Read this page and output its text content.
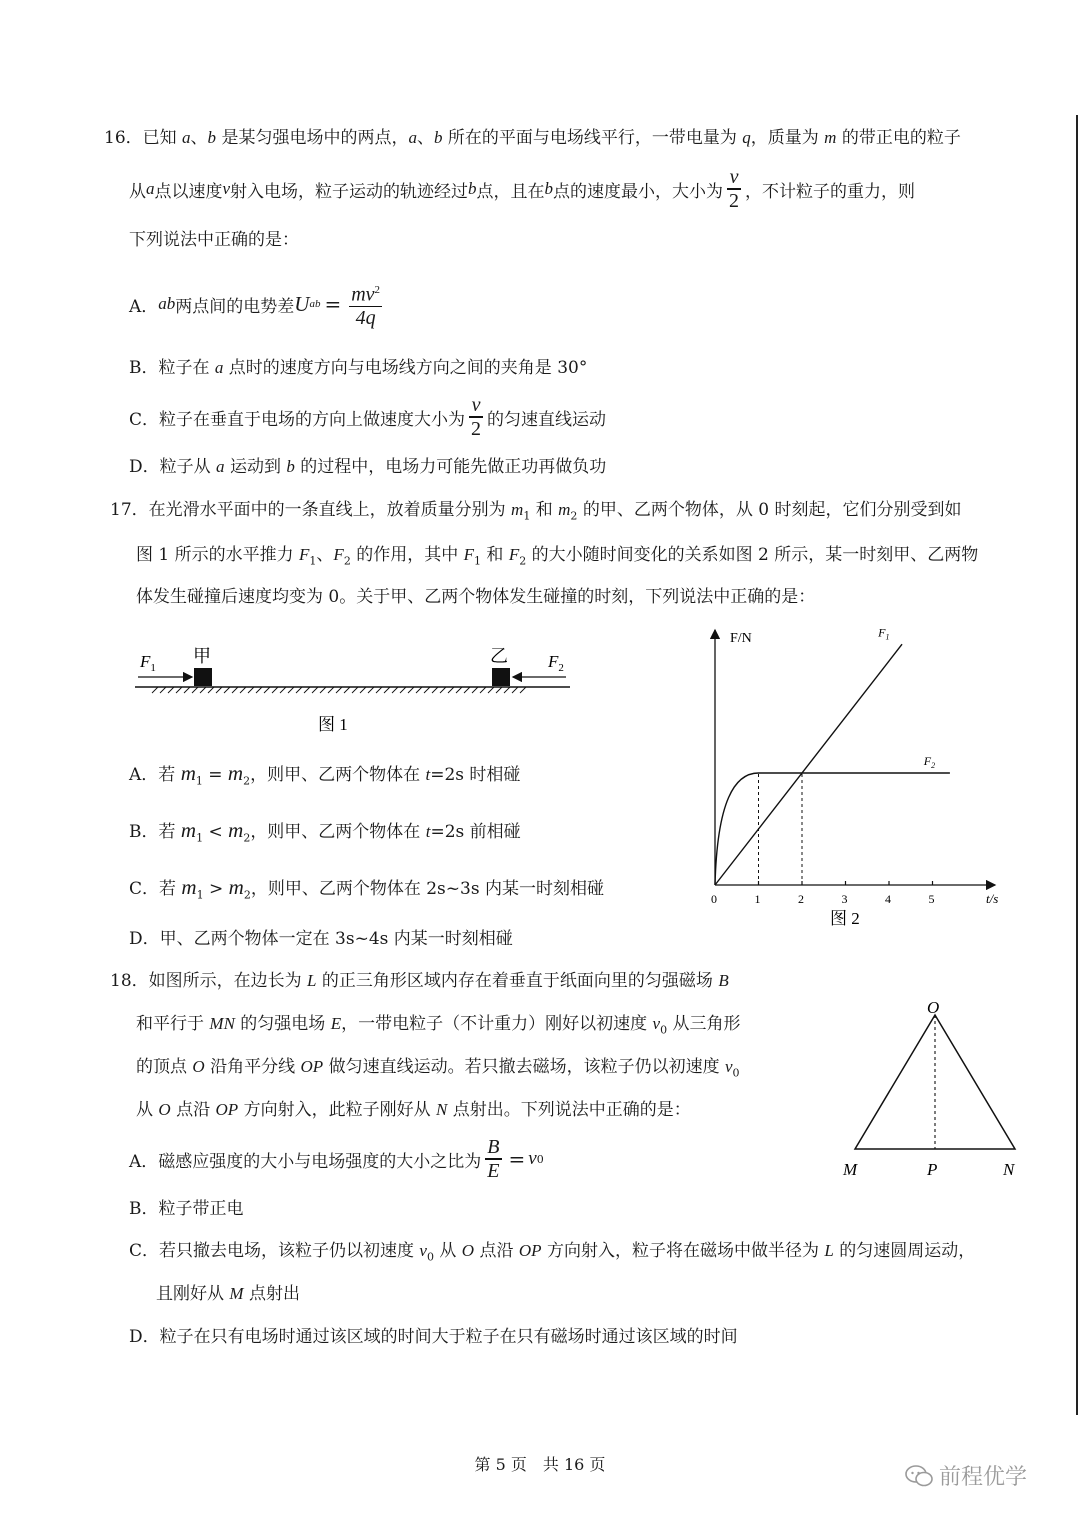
16．已知 a、b 是某匀强电场中的两点，a、b 所在的平面与电场线平行，一带电量为 q，质量为 m 的带正电的粒子
从 a 点以速度 v 射入电场，粒子运动的轨迹经过 b 点，且在 b 点的速度最小，大小为 $\frac{v}{2}$ ，不计粒子的重力，则
下列说法中正确的是：
A． ab 两点间的电势差 U ab = $\frac{mv^2}{4q}$
B．粒子在 a 点时的速度方向与电场线方向之间的夹角是 30°
C． 粒子在垂直于电场的方向上做速度大小为 $\frac{v}{2}$ 的匀速直线运动
D．粒子从 a 运动到 b 的过程中，电场力可能先做正功再做负功
17．在光滑水平面中的一条直线上，放着质量分别为 $m_1$ 和 $m_2$ 的甲、乙两个物体，从 0 时刻起，它们分别受到如
图 1 所示的水平推力 $F_1$、$F_2$ 的作用，其中 $F_1$ 和 $F_2$ 的大小随时间变化的关系如图 2 所示，某一时刻甲、乙两物
体发生碰撞后速度均变为 0。关于甲、乙两个物体发生碰撞的时刻，下列说法中正确的是：
$F_1$	$F_2$
甲	乙
图 1
F/N
t/s
0	1	2	3	4	5
$F_1$
$F_2$
图 2
A．若 $m_1 = m_2$，则甲、乙两个物体在 t=2s 时相碰
B．若 $m_1 < m_2$，则甲、乙两个物体在 t=2s 前相碰
C．若 $m_1 > m_2$，则甲、乙两个物体在 2s~3s 内某一时刻相碰
D．甲、乙两个物体一定在 3s~4s 内某一时刻相碰
18．如图所示，在边长为 L 的正三角形区域内存在着垂直于纸面向里的匀强磁场 B
和平行于 MN 的匀强电场 E，一带电粒子（不计重力）刚好以初速度 $v_0$ 从三角形
的顶点 O 沿角平分线 OP 做匀速直线运动。若只撤去磁场，该粒子仍以初速度 $v_0$
从 O 点沿 OP 方向射入，此粒子刚好从 N 点射出。下列说法中正确的是：
A． 磁感应强度的大小与电场强度的大小之比为 $\frac{B}{E} = v$ 0
B．粒子带正电
C．若只撤去电场，该粒子仍以初速度 $v_0$ 从 O 点沿 OP 方向射入，粒子将在磁场中做半径为 L 的匀速圆周运动，
且刚好从 M 点射出
D．粒子在只有电场时通过该区域的时间大于粒子在只有磁场时通过该区域的时间
O
M	P	N
第 5 页　共 16 页
前程优学
